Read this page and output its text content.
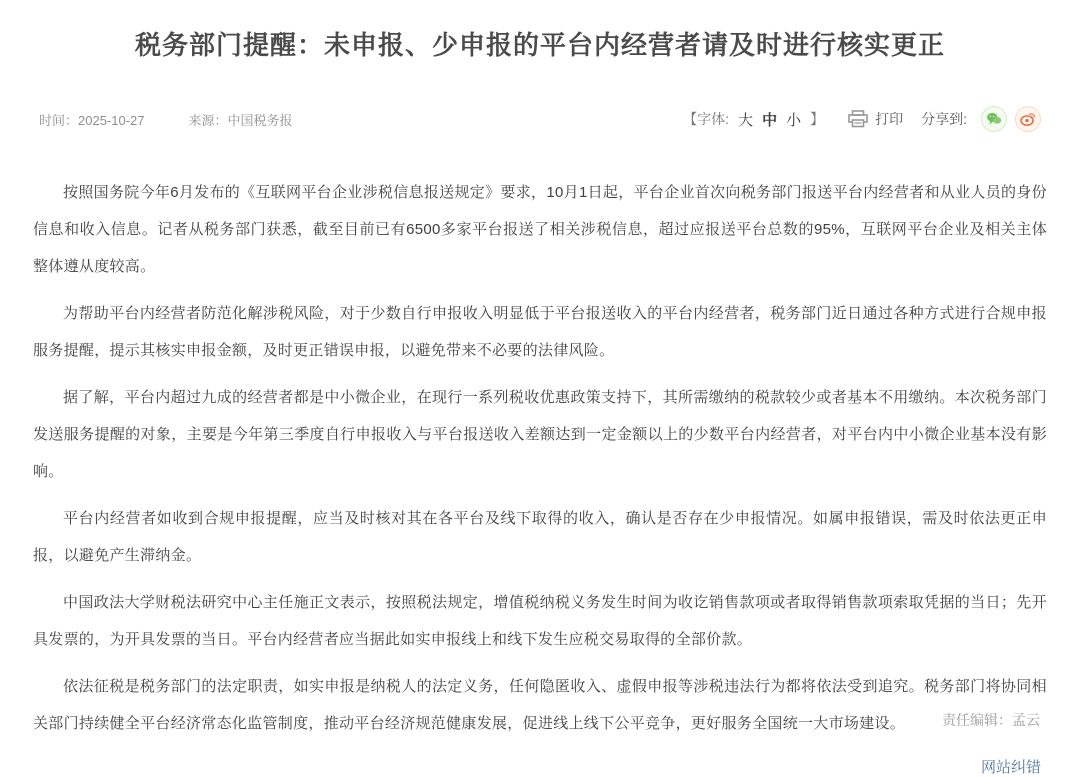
税务部门提醒：未申报、少申报的平台内经营者请及时进行核实更正
时间：2025-10-27	来源：中国税务报	【字体: 大 中 小 】	打印 分享到:

按照国务院今年6月发布的《互联网平台企业涉税信息报送规定》要求，10月1日起，平台企业首次向税务部门报送平台内经营者和从业人员的身份信息和收入信息。记者从税务部门获悉，截至目前已有6500多家平台报送了相关涉税信息，超过应报送平台总数的95%，互联网平台企业及相关主体整体遵从度较高。

为帮助平台内经营者防范化解涉税风险，对于少数自行申报收入明显低于平台报送收入的平台内经营者，税务部门近日通过各种方式进行合规申报服务提醒，提示其核实申报金额，及时更正错误申报，以避免带来不必要的法律风险。

据了解，平台内超过九成的经营者都是中小微企业，在现行一系列税收优惠政策支持下，其所需缴纳的税款较少或者基本不用缴纳。本次税务部门发送服务提醒的对象，主要是今年第三季度自行申报收入与平台报送收入差额达到一定金额以上的少数平台内经营者，对平台内中小微企业基本没有影响。

平台内经营者如收到合规申报提醒，应当及时核对其在各平台及线下取得的收入，确认是否存在少申报情况。如属申报错误，需及时依法更正申报，以避免产生滞纳金。

中国政法大学财税法研究中心主任施正文表示，按照税法规定，增值税纳税义务发生时间为收讫销售款项或者取得销售款项索取凭据的当日；先开具发票的，为开具发票的当日。平台内经营者应当据此如实申报线上和线下发生应税交易取得的全部价款。

依法征税是税务部门的法定职责，如实申报是纳税人的法定义务，任何隐匿收入、虚假申报等涉税违法行为都将依法受到追究。税务部门将协同相关部门持续健全平台经济常态化监管制度，推动平台经济规范健康发展，促进线上线下公平竞争，更好服务全国统一大市场建设。

网站纠错
责任编辑：孟云
